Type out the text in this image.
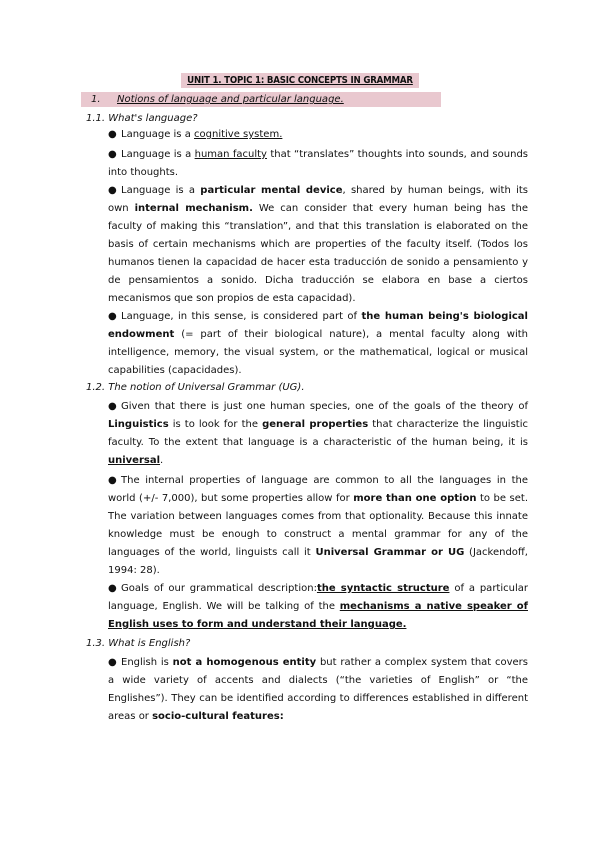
UNIT 1. TOPIC 1: BASIC CONCEPTS IN GRAMMAR
1. Notions of language and particular language.
1.1. What's language?

● Language is a cognitive system.

● Language is a human faculty that “translates” thoughts into sounds, and sounds into thoughts.

● Language is a particular mental device, shared by human beings, with its own internal mechanism. We can consider that every human being has the faculty of making this “translation”, and that this translation is elaborated on the basis of certain mechanisms which are properties of the faculty itself. (Todos los humanos tienen la capacidad de hacer esta traducción de sonido a pensamiento y de pensamientos a sonido. Dicha traducción se elabora en base a ciertos mecanismos que son propios de esta capacidad).

● Language, in this sense, is considered part of the human being's biological endowment (= part of their biological nature), a mental faculty along with intelligence, memory, the visual system, or the mathematical, logical or musical capabilities (capacidades).

1.2. The notion of Universal Grammar (UG).

● Given that there is just one human species, one of the goals of the theory of Linguistics is to look for the general properties that characterize the linguistic faculty. To the extent that language is a characteristic of the human being, it is universal.

● The internal properties of language are common to all the languages in the world (+/- 7,000), but some properties allow for more than one option to be set. The variation between languages comes from that optionality. Because this innate knowledge must be enough to construct a mental grammar for any of the languages of the world, linguists call it Universal Grammar or UG (Jackendoff, 1994: 28).

● Goals of our grammatical description:the syntactic structure of a particular language, English. We will be talking of the mechanisms a native speaker of English uses to form and understand their language.

1.3. What is English?

● English is not a homogenous entity but rather a complex system that covers a wide variety of accents and dialects (“the varieties of English” or “the Englishes”). They can be identified according to differences established in different areas or socio-cultural features:
